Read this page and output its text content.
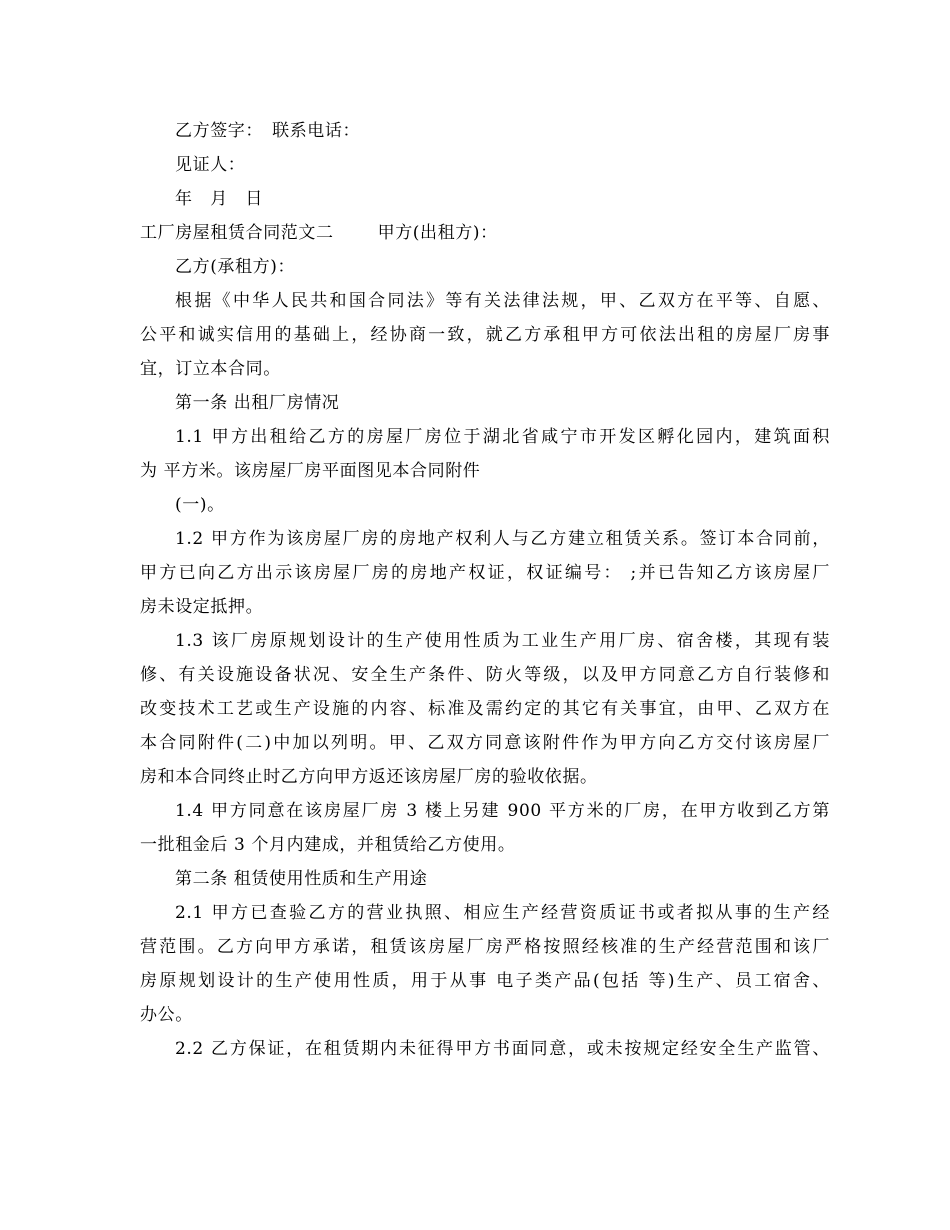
乙方签字：　联系电话：
见证人：
年　月　日
工厂房屋租赁合同范文二	甲方(出租方)：
乙方(承租方)：
根据《中华人民共和国合同法》等有关法律法规，甲、乙双方在平等、自愿、
公平和诚实信用的基础上，经协商一致，就乙方承租甲方可依法出租的房屋厂房事
宜，订立本合同。
第一条 出租厂房情况
1.1 甲方出租给乙方的房屋厂房位于湖北省咸宁市开发区孵化园内，建筑面积
为 平方米。该房屋厂房平面图见本合同附件
(一)。
1.2 甲方作为该房屋厂房的房地产权利人与乙方建立租赁关系。签订本合同前，
甲方已向乙方出示该房屋厂房的房地产权证，权证编号： ;并已告知乙方该房屋厂
房未设定抵押。
1.3 该厂房原规划设计的生产使用性质为工业生产用厂房、宿舍楼，其现有装
修、有关设施设备状况、安全生产条件、防火等级，以及甲方同意乙方自行装修和
改变技术工艺或生产设施的内容、标准及需约定的其它有关事宜，由甲、乙双方在
本合同附件(二)中加以列明。甲、乙双方同意该附件作为甲方向乙方交付该房屋厂
房和本合同终止时乙方向甲方返还该房屋厂房的验收依据。
1.4 甲方同意在该房屋厂房 3 楼上另建 900 平方米的厂房，在甲方收到乙方第
一批租金后 3 个月内建成，并租赁给乙方使用。
第二条 租赁使用性质和生产用途
2.1 甲方已查验乙方的营业执照、相应生产经营资质证书或者拟从事的生产经
营范围。乙方向甲方承诺，租赁该房屋厂房严格按照经核准的生产经营范围和该厂
房原规划设计的生产使用性质，用于从事 电子类产品(包括 等)生产、员工宿舍、
办公。
2.2 乙方保证，在租赁期内未征得甲方书面同意，或未按规定经安全生产监管、
